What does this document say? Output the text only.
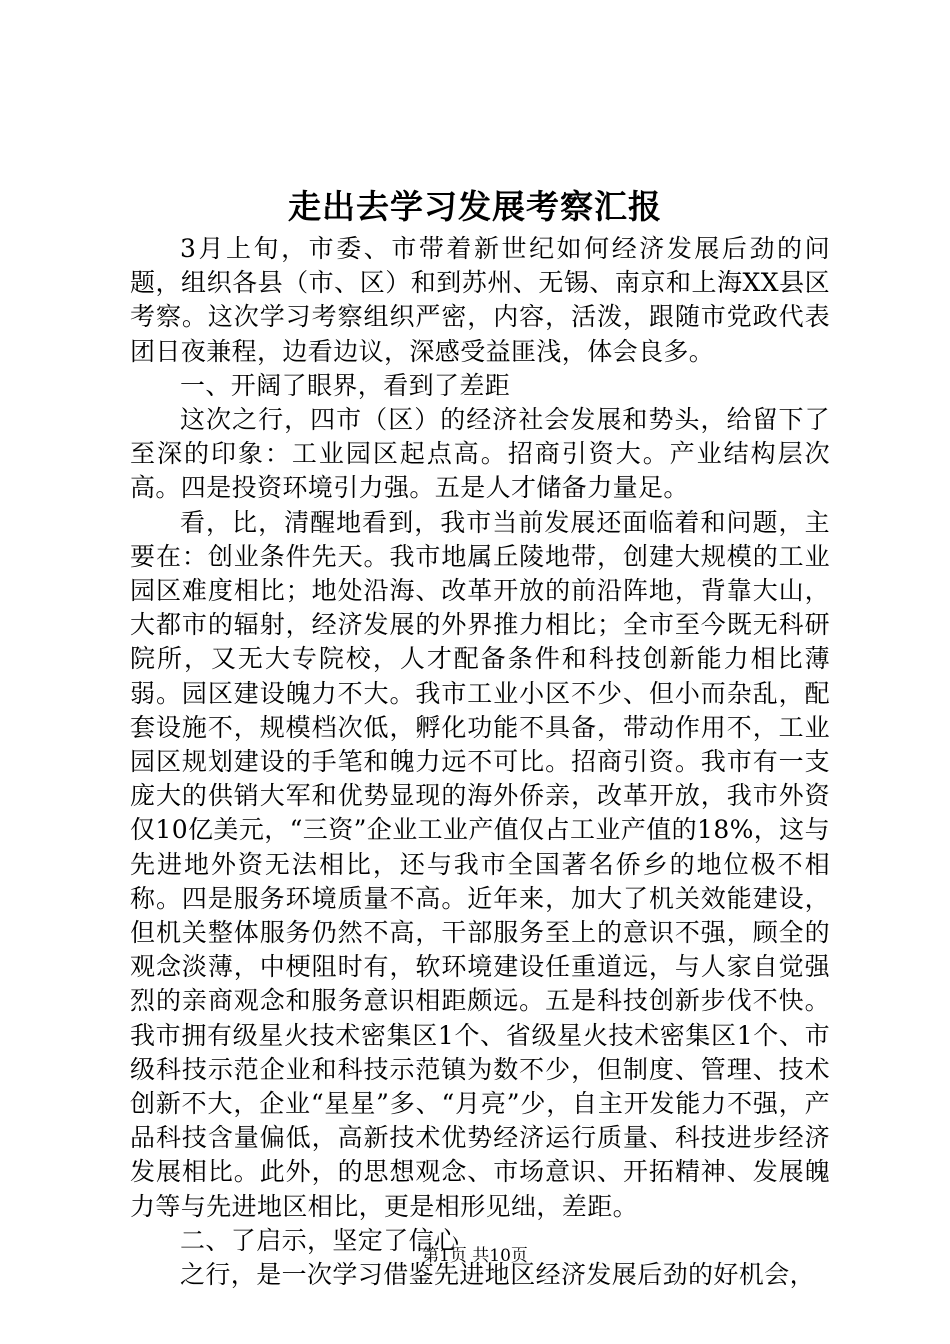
走出去学习发展考察汇报

3月上旬，市委、市带着新世纪如何经济发展后劲的问题，组织各县（市、区）和到苏州、无锡、南京和上海XX县区考察。这次学习考察组织严密，内容，活泼，跟随市党政代表团日夜兼程，边看边议，深感受益匪浅，体会良多。

一、开阔了眼界，看到了差距

这次之行，四市（区）的经济社会发展和势头，给留下了至深的印象：工业园区起点高。招商引资大。产业结构层次高。四是投资环境引力强。五是人才储备力量足。

看，比，清醒地看到，我市当前发展还面临着和问题，主要在：创业条件先天。我市地属丘陵地带，创建大规模的工业园区难度相比；地处沿海、改革开放的前沿阵地，背靠大山，大都市的辐射，经济发展的外界推力相比；全市至今既无科研院所，又无大专院校，人才配备条件和科技创新能力相比薄弱。园区建设魄力不大。我市工业小区不少、但小而杂乱，配套设施不，规模档次低，孵化功能不具备，带动作用不，工业园区规划建设的手笔和魄力远不可比。招商引资。我市有一支庞大的供销大军和优势显现的海外侨亲，改革开放，我市外资仅10亿美元，“三资”企业工业产值仅占工业产值的18%，这与先进地外资无法相比，还与我市全国著名侨乡的地位极不相称。四是服务环境质量不高。近年来，加大了机关效能建设，但机关整体服务仍然不高，干部服务至上的意识不强，顾全的观念淡薄，中梗阻时有，软环境建设任重道远，与人家自觉强烈的亲商观念和服务意识相距颇远。五是科技创新步伐不快。我市拥有级星火技术密集区1个、省级星火技术密集区1个、市级科技示范企业和科技示范镇为数不少，但制度、管理、技术创新不大，企业“星星”多、“月亮”少，自主开发能力不强，产品科技含量偏低，高新技术优势经济运行质量、科技进步经济发展相比。此外，的思想观念、市场意识、开拓精神、发展魄力等与先进地区相比，更是相形见绌，差距。

二、了启示，坚定了信心

之行，是一次学习借鉴先进地区经济发展后劲的好机会，

第1页 共10页
